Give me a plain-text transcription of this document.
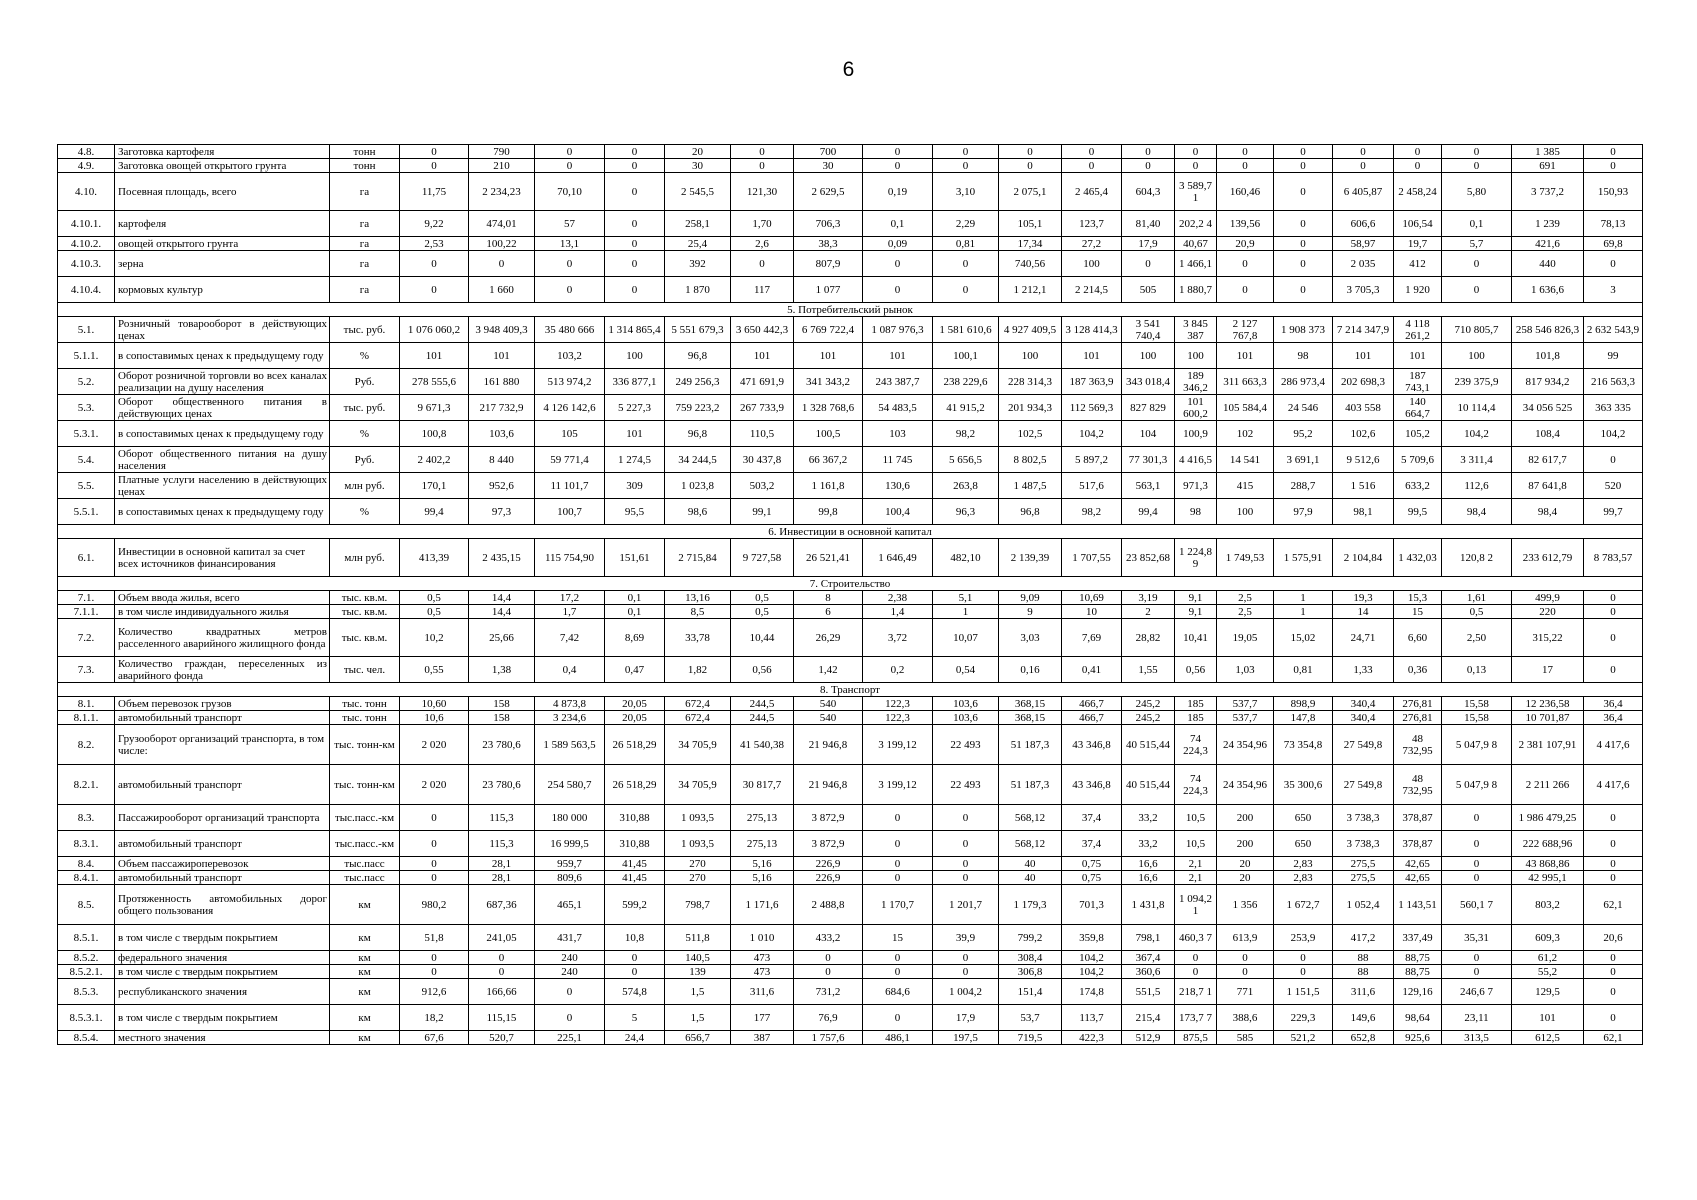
6
4.8.	Заготовка картофеля	тонн	0	790	0	0	20	0	700	0	0	0	0	0	0	0	0	0	0	0	1 385	0
4.9.	Заготовка овощей открытого грунта	тонн	0	210	0	0	30	0	30	0	0	0	0	0	0	0	0	0	0	0	691	0
4.10.	Посевная площадь, всего	га	11,75	2 234,23	70,10	0	2 545,5	121,30	2 629,5	0,19	3,10	2 075,1	2 465,4	604,3	3 589,7 1	160,46	0	6 405,87	2 458,24	5,80	3 737,2	150,93
4.10.1.	картофеля	га	9,22	474,01	57	0	258,1	1,70	706,3	0,1	2,29	105,1	123,7	81,40	202,2 4	139,56	0	606,6	106,54	0,1	1 239	78,13
4.10.2.	овощей открытого грунта	га	2,53	100,22	13,1	0	25,4	2,6	38,3	0,09	0,81	17,34	27,2	17,9	40,67	20,9	0	58,97	19,7	5,7	421,6	69,8
4.10.3.	зерна	га	0	0	0	0	392	0	807,9	0	0	740,56	100	0	1 466,1	0	0	2 035	412	0	440	0
4.10.4.	кормовых культур	га	0	1 660	0	0	1 870	117	1 077	0	0	1 212,1	2 214,5	505	1 880,7	0	0	3 705,3	1 920	0	1 636,6	3
5. Потребительский рынок																						
5.1.	Розничный товарооборот в действующих ценах	тыс. руб.	1 076 060,2	3 948 409,3	35 480 666	1 314 865,4	5 551 679,3	3 650 442,3	6 769 722,4	1 087 976,3	1 581 610,6	4 927 409,5	3 128 414,3	3 541 740,4	3 845 387	2 127 767,8	1 908 373	7 214 347,9	4 118 261,2	710 805,7	258 546 826,3	2 632 543,9
5.1.1.	в сопоставимых ценах к предыдущему году	%	101	101	103,2	100	96,8	101	101	101	100,1	100	101	100	100	101	98	101	101	100	101,8	99
5.2.	Оборот розничной торговли во всех каналах реализации на душу населения	Руб.	278 555,6	161 880	513 974,2	336 877,1	249 256,3	471 691,9	341 343,2	243 387,7	238 229,6	228 314,3	187 363,9	343 018,4	189 346,2	311 663,3	286 973,4	202 698,3	187 743,1	239 375,9	817 934,2	216 563,3
5.3.	Оборот общественного питания в действующих ценах	тыс. руб.	9 671,3	217 732,9	4 126 142,6	5 227,3	759 223,2	267 733,9	1 328 768,6	54 483,5	41 915,2	201 934,3	112 569,3	827 829	101 600,2	105 584,4	24 546	403 558	140 664,7	10 114,4	34 056 525	363 335
5.3.1.	в сопоставимых ценах к предыдущему году	%	100,8	103,6	105	101	96,8	110,5	100,5	103	98,2	102,5	104,2	104	100,9	102	95,2	102,6	105,2	104,2	108,4	104,2
5.4.	Оборот общественного питания на душу населения	Руб.	2 402,2	8 440	59 771,4	1 274,5	34 244,5	30 437,8	66 367,2	11 745	5 656,5	8 802,5	5 897,2	77 301,3	4 416,5	14 541	3 691,1	9 512,6	5 709,6	3 311,4	82 617,7	0
5.5.	Платные услуги населению в действующих ценах	млн руб.	170,1	952,6	11 101,7	309	1 023,8	503,2	1 161,8	130,6	263,8	1 487,5	517,6	563,1	971,3	415	288,7	1 516	633,2	112,6	87 641,8	520
5.5.1.	в сопоставимых ценах к предыдущему году	%	99,4	97,3	100,7	95,5	98,6	99,1	99,8	100,4	96,3	96,8	98,2	99,4	98	100	97,9	98,1	99,5	98,4	98,4	99,7
6. Инвестиции в основной капитал																						
6.1.	Инвестиции в основной капитал за счет всех источников финансирования	млн руб.	413,39	2 435,15	115 754,90	151,61	2 715,84	9 727,58	26 521,41	1 646,49	482,10	2 139,39	1 707,55	23 852,68	1 224,8 9	1 749,53	1 575,91	2 104,84	1 432,03	120,8 2	233 612,79	8 783,57
7. Строительство																						
7.1.	Объем ввода жилья, всего	тыс. кв.м.	0,5	14,4	17,2	0,1	13,16	0,5	8	2,38	5,1	9,09	10,69	3,19	9,1	2,5	1	19,3	15,3	1,61	499,9	0
7.1.1.	в том числе индивидуального жилья	тыс. кв.м.	0,5	14,4	1,7	0,1	8,5	0,5	6	1,4	1	9	10	2	9,1	2,5	1	14	15	0,5	220	0
7.2.	Количество квадратных метров расселенного аварийного жилищного фонда	тыс. кв.м.	10,2	25,66	7,42	8,69	33,78	10,44	26,29	3,72	10,07	3,03	7,69	28,82	10,41	19,05	15,02	24,71	6,60	2,50	315,22	0
7.3.	Количество граждан, переселенных из аварийного фонда	тыс. чел.	0,55	1,38	0,4	0,47	1,82	0,56	1,42	0,2	0,54	0,16	0,41	1,55	0,56	1,03	0,81	1,33	0,36	0,13	17	0
8. Транспорт																						
8.1.	Объем перевозок грузов	тыс. тонн	10,60	158	4 873,8	20,05	672,4	244,5	540	122,3	103,6	368,15	466,7	245,2	185	537,7	898,9	340,4	276,81	15,58	12 236,58	36,4
8.1.1.	автомобильный транспорт	тыс. тонн	10,6	158	3 234,6	20,05	672,4	244,5	540	122,3	103,6	368,15	466,7	245,2	185	537,7	147,8	340,4	276,81	15,58	10 701,87	36,4
8.2.	Грузооборот организаций транспорта, в том числе:	тыс. тонн-км	2 020	23 780,6	1 589 563,5	26 518,29	34 705,9	41 540,38	21 946,8	3 199,12	22 493	51 187,3	43 346,8	40 515,44	74 224,3	24 354,96	73 354,8	27 549,8	48 732,95	5 047,9 8	2 381 107,91	4 417,6
8.2.1.	автомобильный транспорт	тыс. тонн-км	2 020	23 780,6	254 580,7	26 518,29	34 705,9	30 817,7	21 946,8	3 199,12	22 493	51 187,3	43 346,8	40 515,44	74 224,3	24 354,96	35 300,6	27 549,8	48 732,95	5 047,9 8	2 211 266	4 417,6
8.3.	Пассажирооборот организаций транспорта	тыс.пасс.-км	0	115,3	180 000	310,88	1 093,5	275,13	3 872,9	0	0	568,12	37,4	33,2	10,5	200	650	3 738,3	378,87	0	1 986 479,25	0
8.3.1.	автомобильный транспорт	тыс.пасс.-км	0	115,3	16 999,5	310,88	1 093,5	275,13	3 872,9	0	0	568,12	37,4	33,2	10,5	200	650	3 738,3	378,87	0	222 688,96	0
8.4.	Объем пассажироперевозок	тыс.пасс	0	28,1	959,7	41,45	270	5,16	226,9	0	0	40	0,75	16,6	2,1	20	2,83	275,5	42,65	0	43 868,86	0
8.4.1.	автомобильный транспорт	тыс.пасс	0	28,1	809,6	41,45	270	5,16	226,9	0	0	40	0,75	16,6	2,1	20	2,83	275,5	42,65	0	42 995,1	0
8.5.	Протяженность автомобильных дорог общего пользования	км	980,2	687,36	465,1	599,2	798,7	1 171,6	2 488,8	1 170,7	1 201,7	1 179,3	701,3	1 431,8	1 094,2 1	1 356	1 672,7	1 052,4	1 143,51	560,1 7	803,2	62,1
8.5.1.	в том числе с твердым покрытием	км	51,8	241,05	431,7	10,8	511,8	1 010	433,2	15	39,9	799,2	359,8	798,1	460,3 7	613,9	253,9	417,2	337,49	35,31	609,3	20,6
8.5.2.	федерального значения	км	0	0	240	0	140,5	473	0	0	0	308,4	104,2	367,4	0	0	0	88	88,75	0	61,2	0
8.5.2.1.	в том числе с твердым покрытием	км	0	0	240	0	139	473	0	0	0	306,8	104,2	360,6	0	0	0	88	88,75	0	55,2	0
8.5.3.	республиканского значения	км	912,6	166,66	0	574,8	1,5	311,6	731,2	684,6	1 004,2	151,4	174,8	551,5	218,7 1	771	1 151,5	311,6	129,16	246,6 7	129,5	0
8.5.3.1.	в том числе с твердым покрытием	км	18,2	115,15	0	5	1,5	177	76,9	0	17,9	53,7	113,7	215,4	173,7 7	388,6	229,3	149,6	98,64	23,11	101	0
8.5.4.	местного значения	км	67,6	520,7	225,1	24,4	656,7	387	1 757,6	486,1	197,5	719,5	422,3	512,9	875,5	585	521,2	652,8	925,6	313,5	612,5	62,1
